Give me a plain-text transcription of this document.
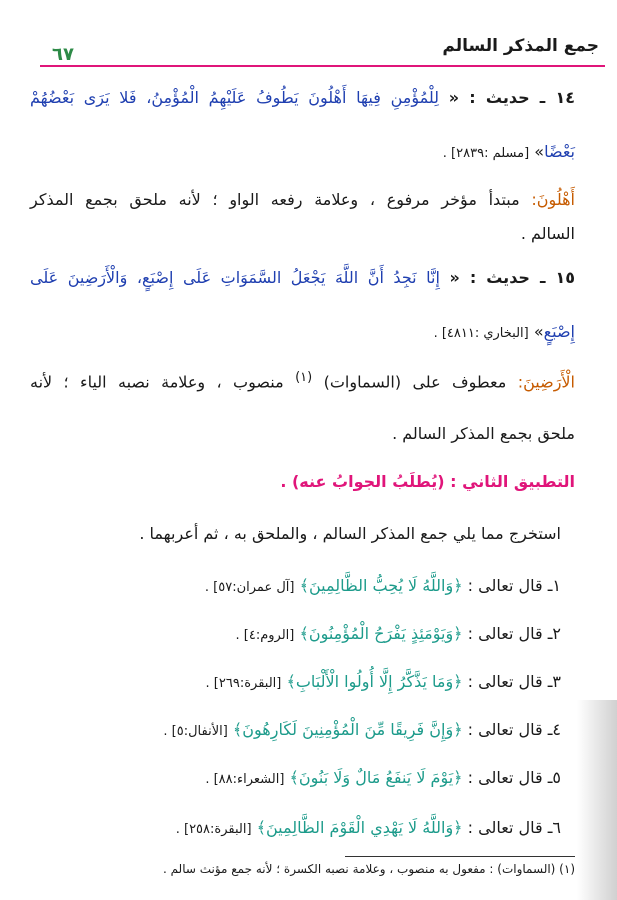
جمع المذكر السالم
٦٧
١٤ ـ حديث : « لِلْمُؤْمِنِ فِيهَا أَهْلُونَ يَطُوفُ عَلَيْهِمُ الْمُؤْمِنُ، فَلا يَرَى بَعْضُهُمْ
بَعْضًا» [مسلم :٢٨٣٩] .
أَهْلُونَ: مبتدأ مؤخر مرفوع ، وعلامة رفعه الواو ؛ لأنه ملحق بجمع المذكر
السالم .
١٥ ـ حديث : « إِنَّا نَجِدُ أَنَّ اللَّهَ يَجْعَلُ السَّمَوَاتِ عَلَى إِصْبَعٍ، وَالْأَرَضِينَ عَلَى
إِصْبَعٍ» [البخاري :٤٨١١] .
الْأَرَضِينَ: معطوف على (السماوات) $^{(١)}$ منصوب ، وعلامة نصبه الياء ؛ لأنه
ملحق بجمع المذكر السالم .
التطبيق الثاني : (يُطلَبُ الجوابُ عنه) .
استخرج مما يلي جمع المذكر السالم ، والملحق به ، ثم أعربهما .
١ـ قال تعالى : ﴿وَاللَّهُ لَا يُحِبُّ الظَّالِمِينَ﴾ [آل عمران:٥٧] .
٢ـ قال تعالى : ﴿وَيَوْمَئِذٍ يَفْرَحُ الْمُؤْمِنُونَ﴾ [الروم:٤] .
٣ـ قال تعالى : ﴿وَمَا يَذَّكَّرُ إِلَّا أُولُوا الْأَلْبَابِ﴾ [البقرة:٢٦٩] .
٤ـ قال تعالى : ﴿وَإِنَّ فَرِيقًا مِّنَ الْمُؤْمِنِينَ لَكَارِهُونَ﴾ [الأنفال:٥] .
٥ـ قال تعالى : ﴿يَوْمَ لَا يَنفَعُ مَالٌ وَلَا بَنُونَ﴾ [الشعراء:٨٨] .
٦ـ قال تعالى : ﴿وَاللَّهُ لَا يَهْدِي الْقَوْمَ الظَّالِمِينَ﴾ [البقرة:٢٥٨] .
(١) (السماوات) : مفعول به منصوب ، وعلامة نصبه الكسرة ؛ لأنه جمع مؤنث سالم .
